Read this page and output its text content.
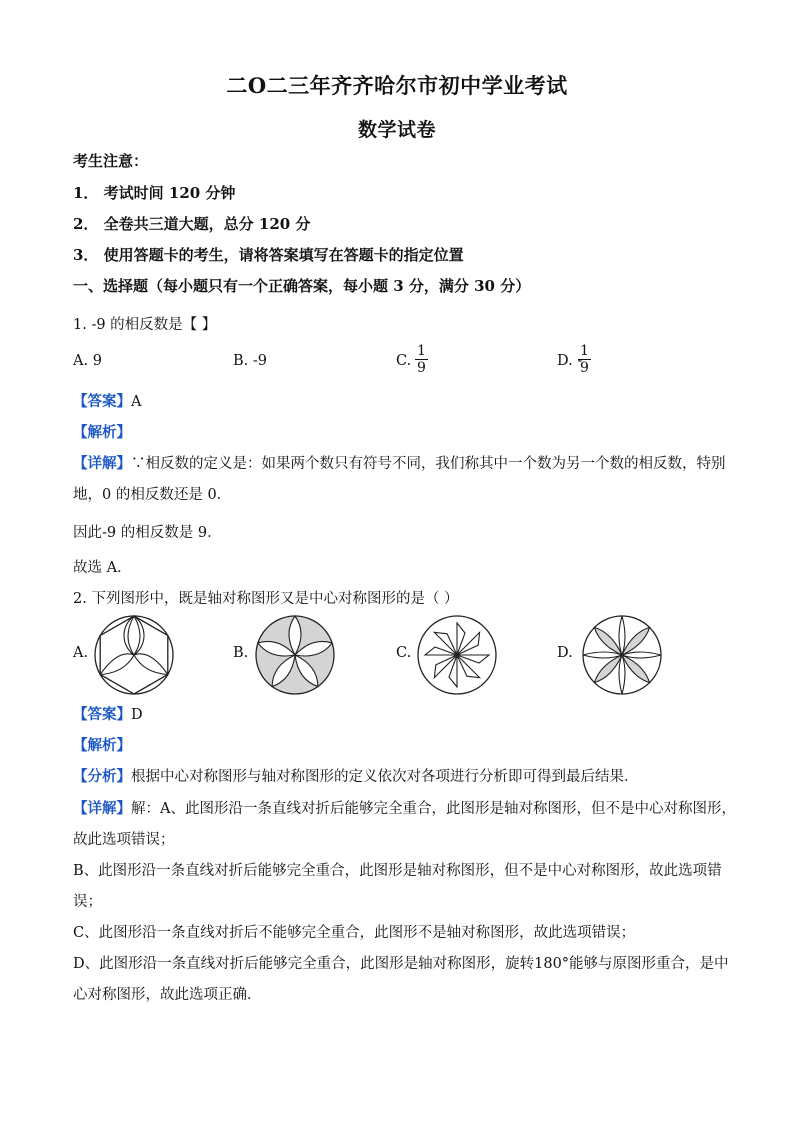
二O二三年齐齐哈尔市初中学业考试
数学试卷
考生注意：
1． 考试时间 120 分钟
2． 全卷共三道大题，总分 120 分
3． 使用答题卡的考生，请将答案填写在答题卡的指定位置
一、选择题（每小题只有一个正确答案，每小题 3 分，满分 30 分）
1. -9 的相反数是【 】
A. 9	B. -9	C. $\frac{1}{9}$	D. -
$\frac{1}{9}$
【答案】A
【解析】
【详解】∵相反数的定义是：如果两个数只有符号不同，我们称其中一个数为另一个数的相反数，特别
地，0 的相反数还是 0．
因此-9 的相反数是 9．
故选 A．
2. 下列图形中，既是轴对称图形又是中心对称图形的是（ ）
A.	B.	C.	D.
【答案】D
【解析】
【分析】根据中心对称图形与轴对称图形的定义依次对各项进行分析即可得到最后结果．
【详解】解：A、此图形沿一条直线对折后能够完全重合，此图形是轴对称图形，但不是中心对称图形，
故此选项错误；
B、此图形沿一条直线对折后能够完全重合，此图形是轴对称图形，但不是中心对称图形，故此选项错
误；
C、此图形沿一条直线对折后不能够完全重合，此图形不是轴对称图形，故此选项错误；
D、此图形沿一条直线对折后能够完全重合，此图形是轴对称图形，旋转180°能够与原图形重合，是中
心对称图形，故此选项正确．
